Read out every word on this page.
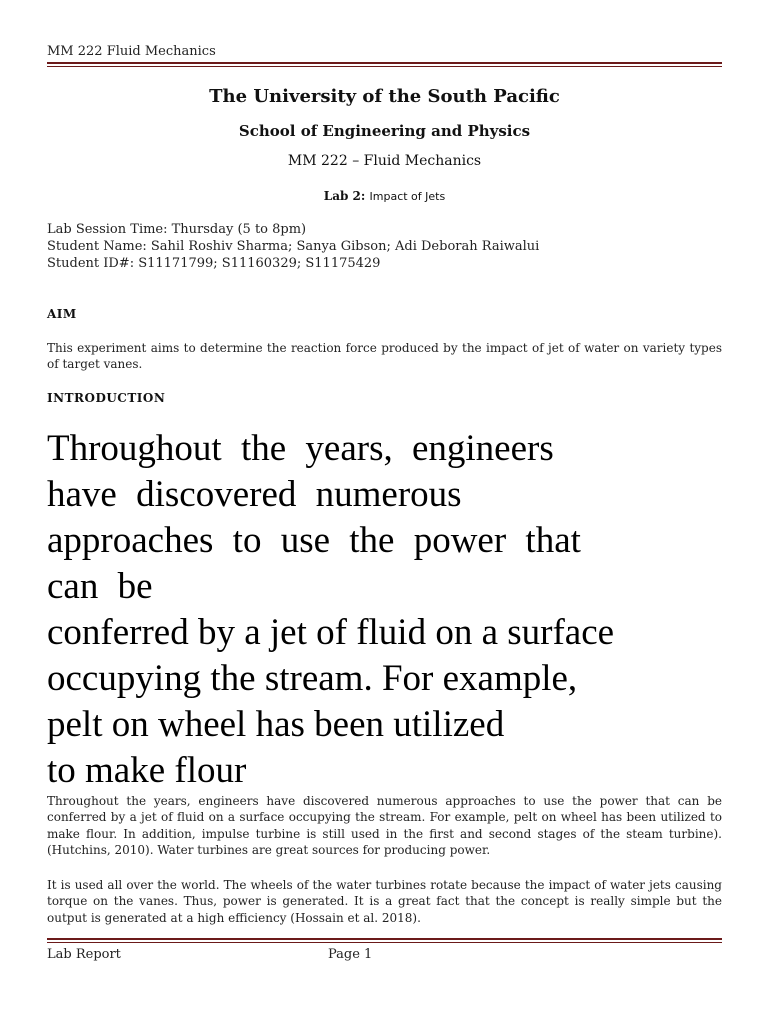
MM 222 Fluid Mechanics
The University of the South Pacific
School of Engineering and Physics
MM 222 – Fluid Mechanics
Lab 2: Impact of Jets
Lab Session Time: Thursday (5 to 8pm)
Student Name: Sahil Roshiv Sharma; Sanya Gibson; Adi Deborah Raiwalui
Student ID#: S11171799; S11160329; S11175429
AIM
This experiment aims to determine the reaction force produced by the impact of jet of water on variety types of target vanes.
INTRODUCTION
Throughout the years, engineers
have discovered numerous
approaches to use the power that
can be
conferred by a jet of fluid on a surface
occupying the stream. For example,
pelt on wheel has been utilized
to make flour
Throughout the years, engineers have discovered numerous approaches to use the power that can be conferred by a jet of fluid on a surface occupying the stream. For example, pelt on wheel has been utilized to make flour. In addition, impulse turbine is still used in the first and second stages of the steam turbine). (Hutchins, 2010). Water turbines are great sources for producing power.
It is used all over the world. The wheels of the water turbines rotate because the impact of water jets causing torque on the vanes. Thus, power is generated. It is a great fact that the concept is really simple but the output is generated at a high efficiency (Hossain et al. 2018).
Lab Report	Page 1
